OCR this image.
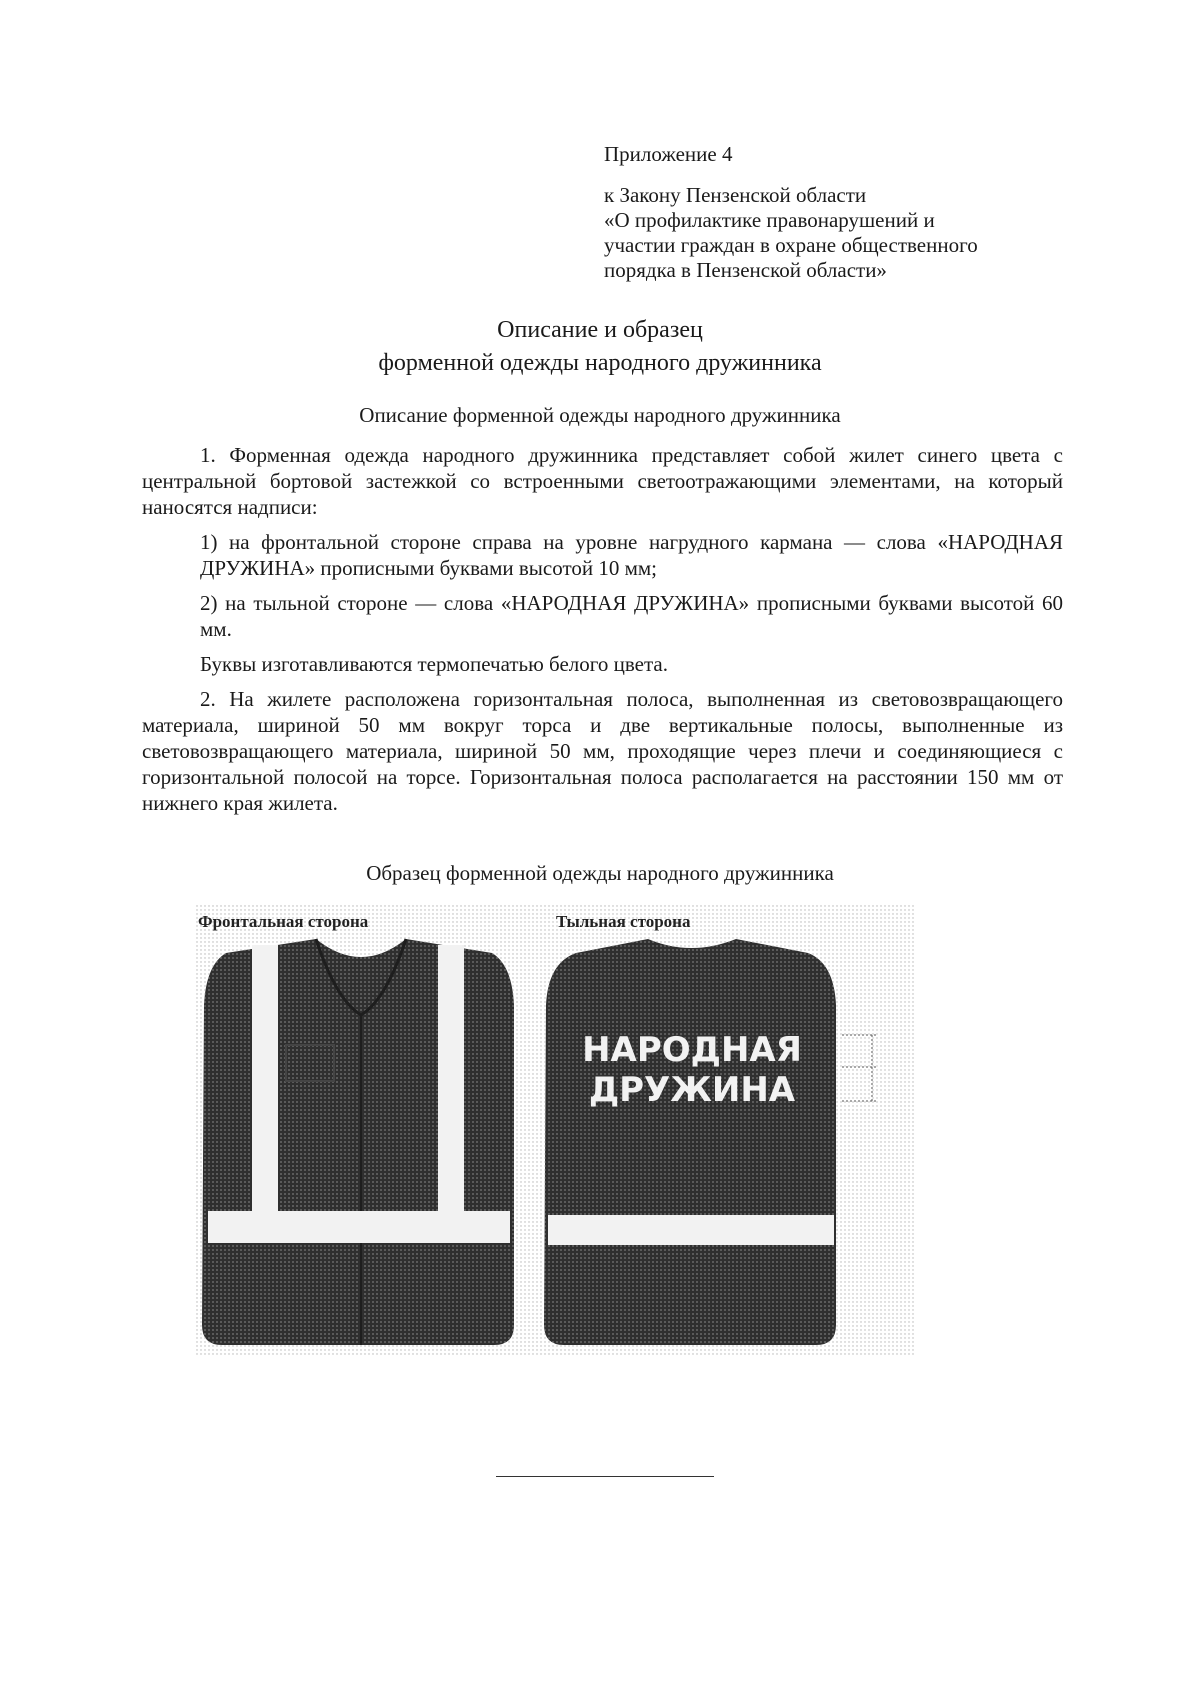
Приложение 4
к Закону Пензенской области
«О профилактике правонарушений и
участии граждан в охране общественного
порядка в Пензенской области»
Описание и образец
форменной одежды народного дружинника
Описание форменной одежды народного дружинника

1. Форменная одежда народного дружинника представляет собой жилет синего цвета с центральной бортовой застежкой со встроенными светоотражающими элементами, на который наносятся надписи:

1) на фронтальной стороне справа на уровне нагрудного кармана — слова «НАРОДНАЯ ДРУЖИНА» прописными буквами высотой 10 мм;

2) на тыльной стороне — слова «НАРОДНАЯ ДРУЖИНА» прописными буквами высотой 60 мм.

Буквы изготавливаются термопечатью белого цвета.

2. На жилете расположена горизонтальная полоса, выполненная из световозвращающего материала, шириной 50 мм вокруг торса и две вертикальные полосы, выполненные из световозвращающего материала, шириной 50 мм, проходящие через плечи и соединяющиеся с горизонтальной полосой на торсе. Горизонтальная полоса располагается на расстоянии 150 мм от нижнего края жилета.

Образец форменной одежды народного дружинника
Фронтальная сторона	Тыльная сторона
НАРОДНАЯ
ДРУЖИНА
